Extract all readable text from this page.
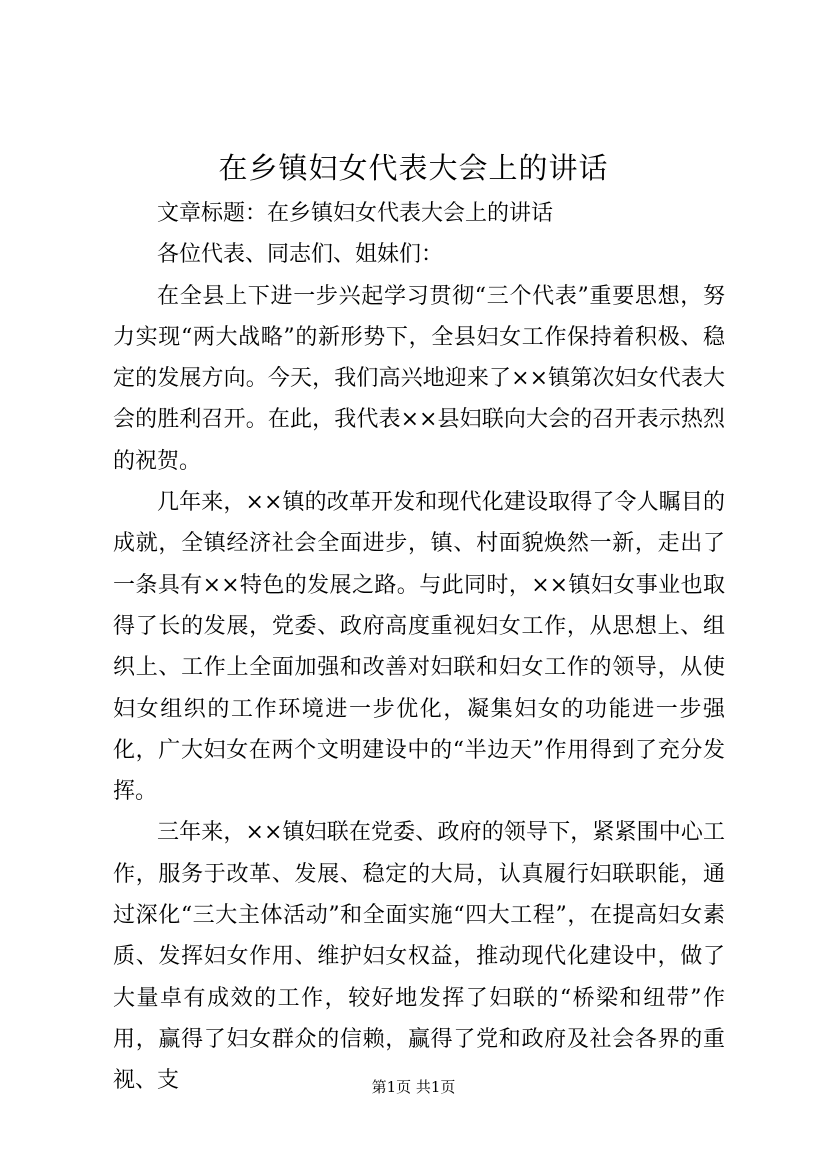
在乡镇妇女代表大会上的讲话

文章标题：在乡镇妇女代表大会上的讲话

各位代表、同志们、姐妹们：

在全县上下进一步兴起学习贯彻“三个代表”重要思想，努力实现“两大战略”的新形势下，全县妇女工作保持着积极、稳定的发展方向。今天，我们高兴地迎来了××镇第次妇女代表大会的胜利召开。在此，我代表××县妇联向大会的召开表示热烈的祝贺。

几年来，××镇的改革开发和现代化建设取得了令人瞩目的成就，全镇经济社会全面进步，镇、村面貌焕然一新，走出了一条具有××特色的发展之路。与此同时，××镇妇女事业也取得了长的发展，党委、政府高度重视妇女工作，从思想上、组织上、工作上全面加强和改善对妇联和妇女工作的领导，从使妇女组织的工作环境进一步优化，凝集妇女的功能进一步强化，广大妇女在两个文明建设中的“半边天”作用得到了充分发挥。

三年来，××镇妇联在党委、政府的领导下，紧紧围中心工作，服务于改革、发展、稳定的大局，认真履行妇联职能，通过深化“三大主体活动”和全面实施“四大工程”，在提高妇女素质、发挥妇女作用、维护妇女权益，推动现代化建设中，做了大量卓有成效的工作，较好地发挥了妇联的“桥梁和纽带”作用，赢得了妇女群众的信赖，赢得了党和政府及社会各界的重视、支	第1页 共1页
